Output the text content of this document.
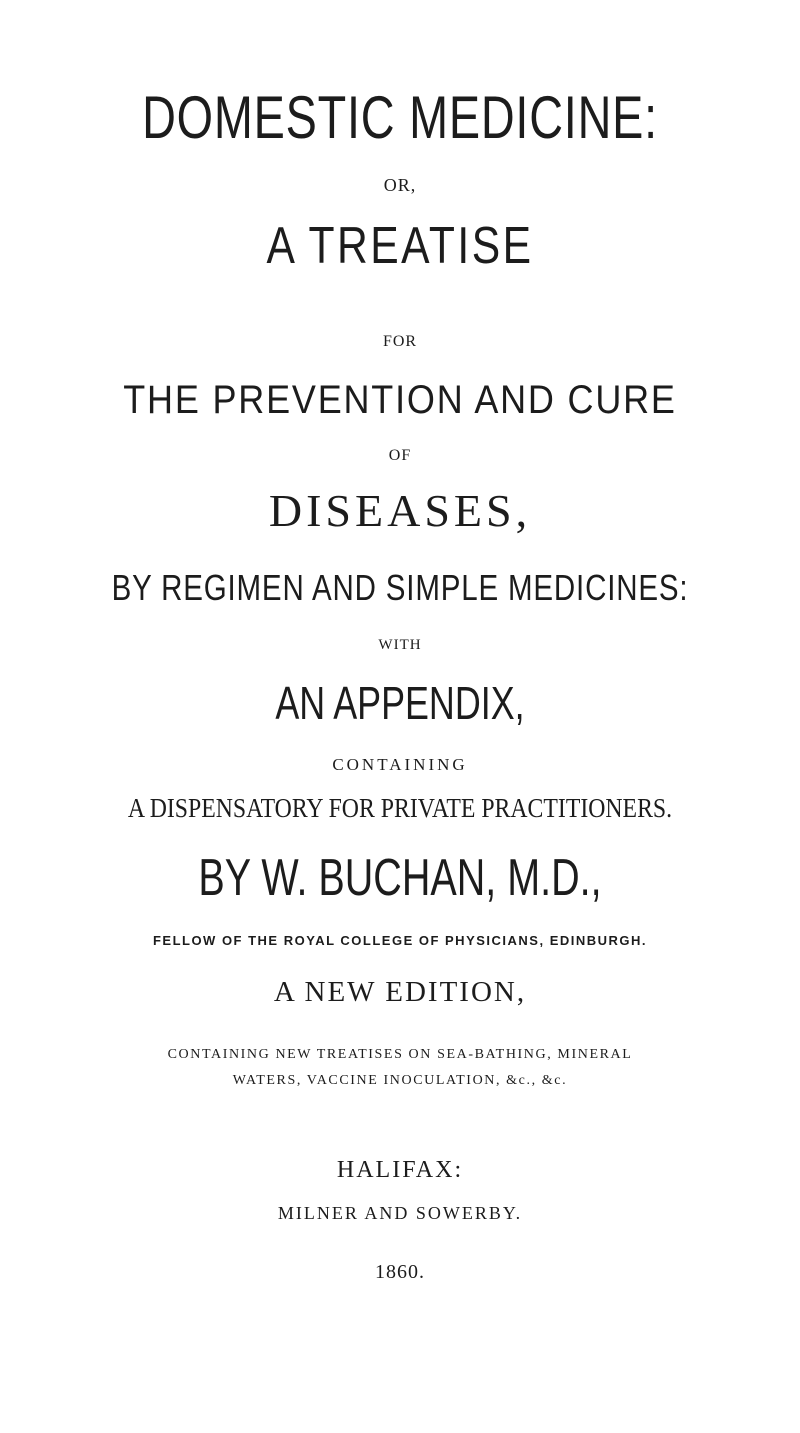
DOMESTIC MEDICINE:
OR,
A TREATISE
FOR
THE PREVENTION AND CURE
OF
DISEASES,
BY REGIMEN AND SIMPLE MEDICINES:
WITH
AN APPENDIX,
CONTAINING
A DISPENSATORY FOR PRIVATE PRACTITIONERS.
BY W. BUCHAN, M.D.,
FELLOW OF THE ROYAL COLLEGE OF PHYSICIANS, EDINBURGH.
A NEW EDITION,
CONTAINING NEW TREATISES ON SEA-BATHING, MINERAL
WATERS, VACCINE INOCULATION, &c., &c.
HALIFAX:
MILNER AND SOWERBY.
1860.
